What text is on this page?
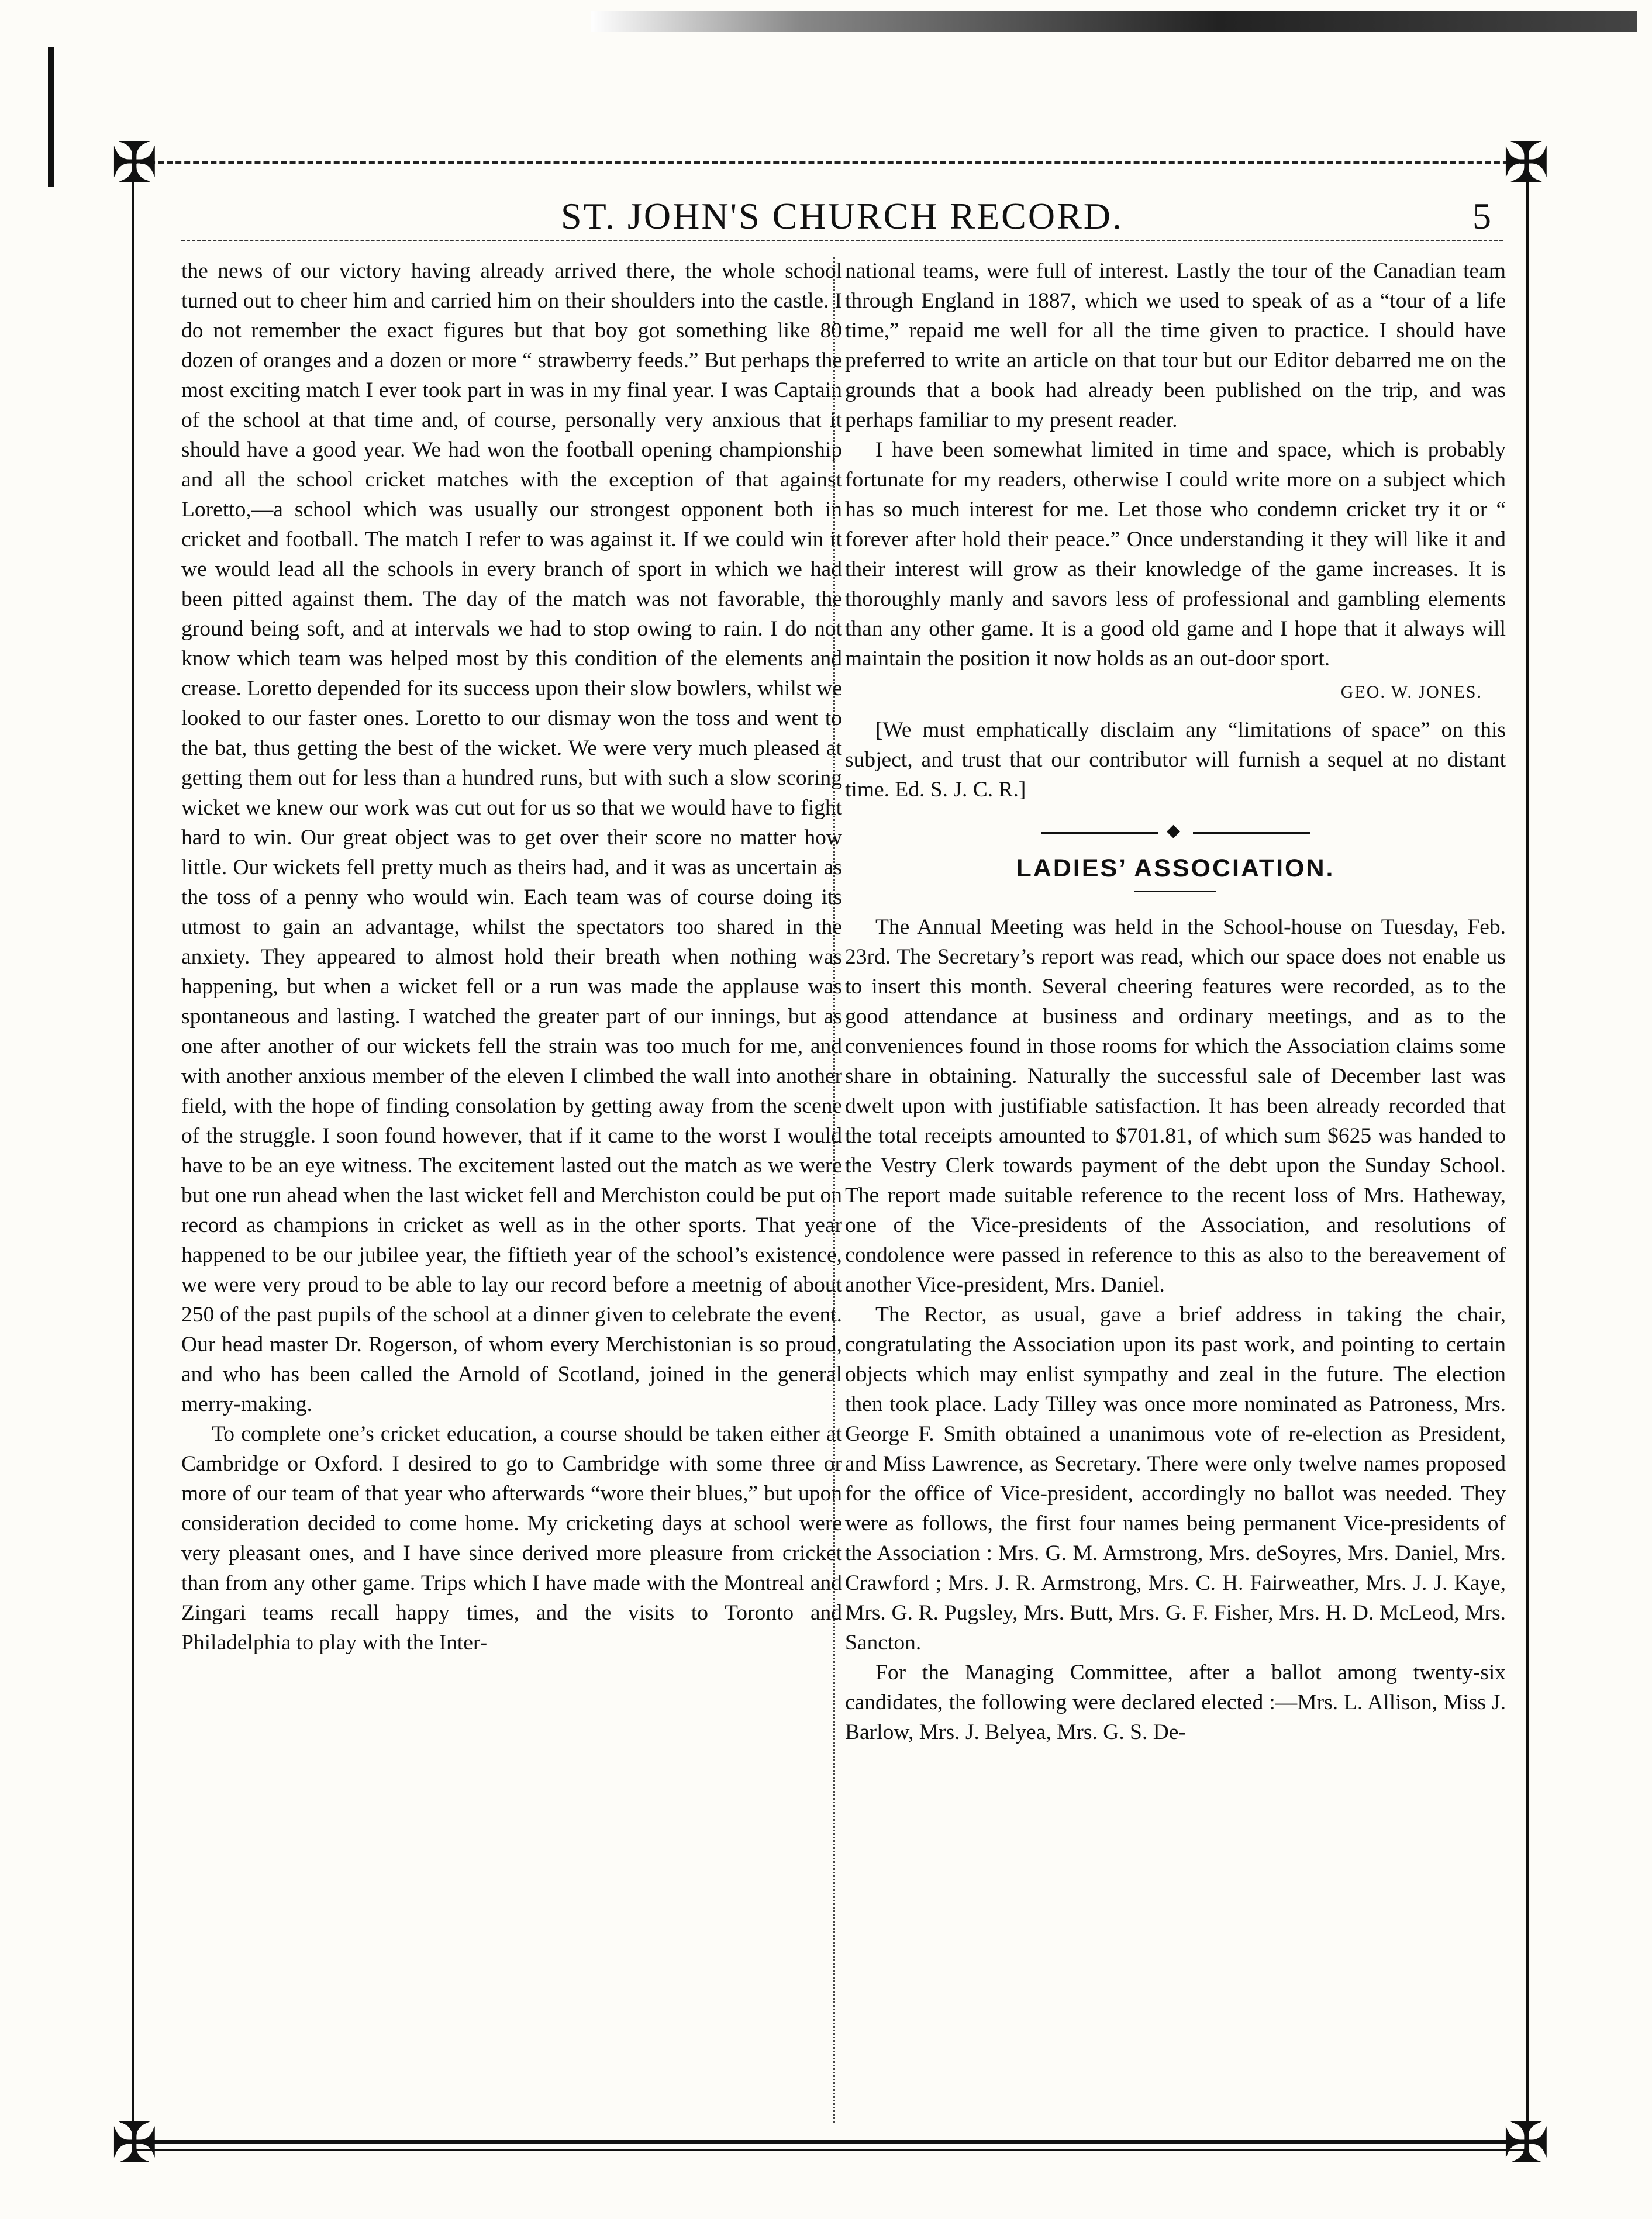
✠	✠
✠	✠
ST. JOHN'S CHURCH RECORD.	5

the news of our victory having already arrived there, the whole school turned out to cheer him and carried him on their shoulders into the castle. I do not remember the exact figures but that boy got something like 80 dozen of oranges and a dozen or more “ strawberry feeds.” But perhaps the most exciting match I ever took part in was in my final year. I was Captain of the school at that time and, of course, personally very anxious that it should have a good year. We had won the football opening championship and all the school cricket matches with the exception of that against Loretto,—a school which was usually our strongest opponent both in cricket and football. The match I refer to was against it. If we could win it we would lead all the schools in every branch of sport in which we had been pitted against them. The day of the match was not favorable, the ground being soft, and at intervals we had to stop owing to rain. I do not know which team was helped most by this condition of the elements and crease. Loretto depended for its success upon their slow bowlers, whilst we looked to our faster ones. Loretto to our dismay won the toss and went to the bat, thus getting the best of the wicket. We were very much pleased at getting them out for less than a hundred runs, but with such a slow scoring wicket we knew our work was cut out for us so that we would have to fight hard to win. Our great object was to get over their score no matter how little. Our wickets fell pretty much as theirs had, and it was as uncertain as the toss of a penny who would win. Each team was of course doing its utmost to gain an advantage, whilst the spectators too shared in the anxiety. They appeared to almost hold their breath when nothing was happening, but when a wicket fell or a run was made the applause was spontaneous and lasting. I watched the greater part of our innings, but as one after another of our wickets fell the strain was too much for me, and with another anxious member of the eleven I climbed the wall into another field, with the hope of finding consolation by getting away from the scene of the struggle. I soon found however, that if it came to the worst I would have to be an eye witness. The excitement lasted out the match as we were but one run ahead when the last wicket fell and Merchiston could be put on record as champions in cricket as well as in the other sports. That year happened to be our jubilee year, the fiftieth year of the school’s existence, we were very proud to be able to lay our record before a meetnig of about 250 of the past pupils of the school at a dinner given to celebrate the event. Our head master Dr. Rogerson, of whom every Merchistonian is so proud, and who has been called the Arnold of Scotland, joined in the general merry-making.

To complete one’s cricket education, a course should be taken either at Cambridge or Oxford. I desired to go to Cambridge with some three or more of our team of that year who afterwards “wore their blues,” but upon consideration decided to come home. My cricketing days at school were very pleasant ones, and I have since derived more pleasure from cricket than from any other game. Trips which I have made with the Montreal and Zingari teams recall happy times, and the visits to Toronto and Philadelphia to play with the Inter-

national teams, were full of interest. Lastly the tour of the Canadian team through England in 1887, which we used to speak of as a “tour of a life time,” repaid me well for all the time given to practice. I should have preferred to write an article on that tour but our Editor debarred me on the grounds that a book had already been published on the trip, and was perhaps familiar to my present reader.

I have been somewhat limited in time and space, which is probably fortunate for my readers, otherwise I could write more on a subject which has so much interest for me. Let those who condemn cricket try it or “ forever after hold their peace.” Once understanding it they will like it and their interest will grow as their knowledge of the game increases. It is thoroughly manly and savors less of professional and gambling elements than any other game. It is a good old game and I hope that it always will maintain the position it now holds as an out-door sport.

GEO. W. JONES.

[We must emphatically disclaim any “limitations of space” on this subject, and trust that our contributor will furnish a sequel at no distant time. Ed. S. J. C. R.]

◆
LADIES’ ASSOCIATION.

The Annual Meeting was held in the School-house on Tuesday, Feb. 23rd. The Secretary’s report was read, which our space does not enable us to insert this month. Several cheering features were recorded, as to the good attendance at business and ordinary meetings, and as to the conveniences found in those rooms for which the Association claims some share in obtaining. Naturally the successful sale of December last was dwelt upon with justifiable satisfaction. It has been already recorded that the total receipts amounted to $701.81, of which sum $625 was handed to the Vestry Clerk towards payment of the debt upon the Sunday School. The report made suitable reference to the recent loss of Mrs. Hatheway, one of the Vice-presidents of the Association, and resolutions of condolence were passed in reference to this as also to the bereavement of another Vice-president, Mrs. Daniel.

The Rector, as usual, gave a brief address in taking the chair, congratulating the Association upon its past work, and pointing to certain objects which may enlist sympathy and zeal in the future. The election then took place. Lady Tilley was once more nominated as Patroness, Mrs. George F. Smith obtained a unanimous vote of re-election as President, and Miss Lawrence, as Secretary. There were only twelve names proposed for the office of Vice-president, accordingly no ballot was needed. They were as follows, the first four names being permanent Vice-presidents of the Association : Mrs. G. M. Armstrong, Mrs. deSoyres, Mrs. Daniel, Mrs. Crawford ; Mrs. J. R. Armstrong, Mrs. C. H. Fairweather, Mrs. J. J. Kaye, Mrs. G. R. Pugsley, Mrs. Butt, Mrs. G. F. Fisher, Mrs. H. D. McLeod, Mrs. Sancton.

For the Managing Committee, after a ballot among twenty-six candidates, the following were declared elected :—Mrs. L. Allison, Miss J. Barlow, Mrs. J. Belyea, Mrs. G. S. De-
